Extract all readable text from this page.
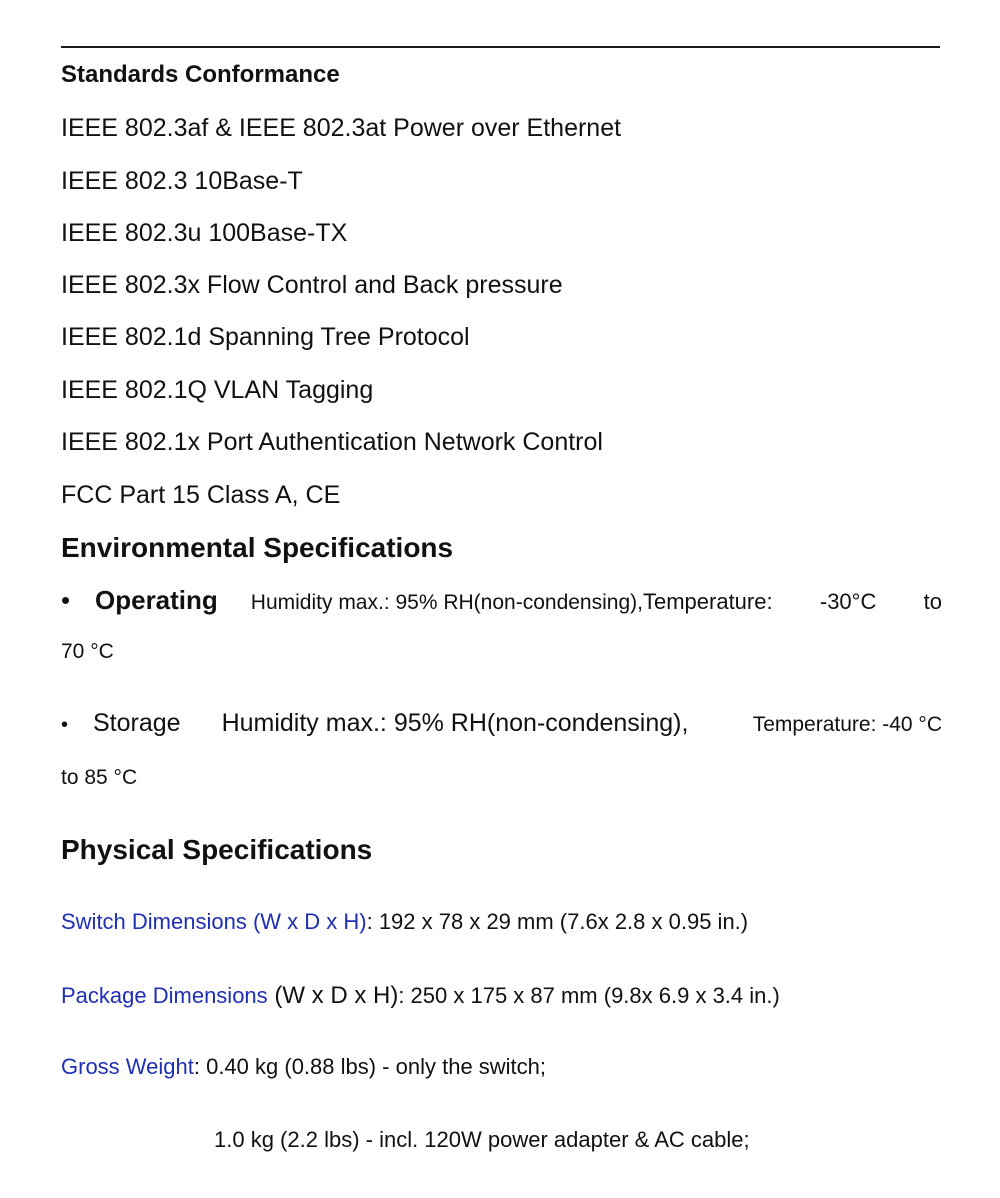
Standards Conformance
IEEE 802.3af & IEEE 802.3at Power over Ethernet
IEEE 802.3 10Base-T
IEEE 802.3u 100Base-TX
IEEE 802.3x Flow Control and Back pressure
IEEE 802.1d Spanning Tree Protocol
IEEE 802.1Q VLAN Tagging
IEEE 802.1x Port Authentication Network Control
FCC Part 15 Class A, CE
Environmental Specifications
• Operating Humidity max.: 95% RH(non-condensing), Temperature: -30°C to
70 °C
• Storage Humidity max.: 95% RH(non-condensing),	Temperature: -40 °C
to 85 °C
Physical Specifications
Switch Dimensions (W x D x H): 192 x 78 x 29 mm (7.6x 2.8 x 0.95 in.)
Package Dimensions (W x D x H): 250 x 175 x 87 mm (9.8x 6.9 x 3.4 in.)
Gross Weight: 0.40 kg (0.88 lbs) - only the switch;
1.0 kg (2.2 lbs) - incl. 120W power adapter & AC cable;
